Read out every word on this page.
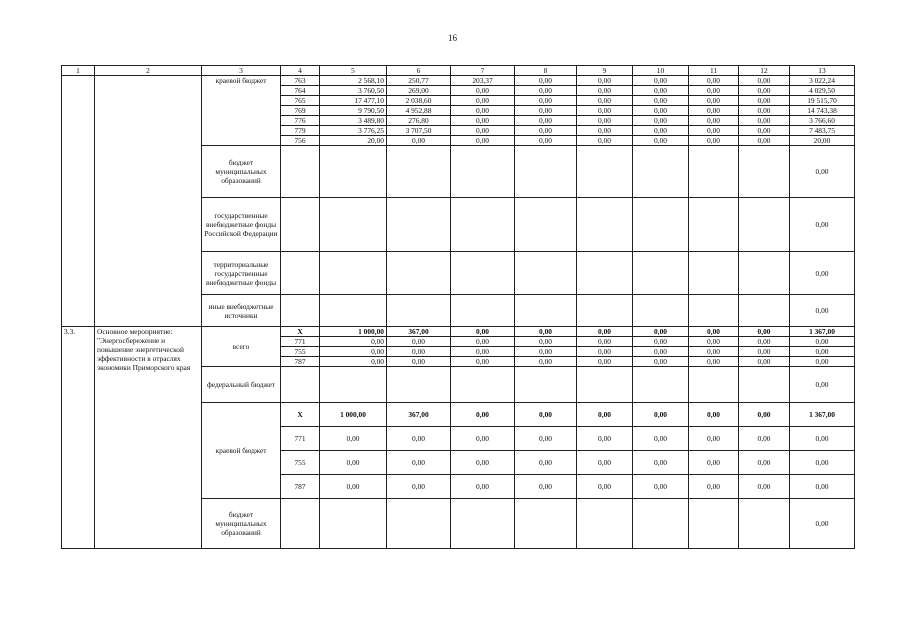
16
1	2	3	4	5	6	7	8	9	10	11	12	13
		краевой бюджет	763	2 568,10	250,77	203,37	0,00	0,00	0,00	0,00	0,00	3 022,24
			764	3 760,50	269,00	0,00	0,00	0,00	0,00	0,00	0,00	4 029,50
			765	17 477,10	2 038,60	0,00	0,00	0,00	0,00	0,00	0,00	19 515,70
			769	9 790,50	4 952,88	0,00	0,00	0,00	0,00	0,00	0,00	14 743,38
			776	3 489,80	276,80	0,00	0,00	0,00	0,00	0,00	0,00	3 766,60
			779	3 776,25	3 707,50	0,00	0,00	0,00	0,00	0,00	0,00	7 483,75
			756	20,00	0,00	0,00	0,00	0,00	0,00	0,00	0,00	20,00
		бюджет муниципальных образований										0,00
		государственные внебюджетные фонды Российской Федерации										0,00
		территориальные государственные внебюджетные фонды										0,00
		иные внебюджетные источники										0,00
3.3.	Основное мероприятие: "Энергосбережение и повышение энергетической эффективности в отраслях экономики Приморского края	всего	Х	1 000,00	367,00	0,00	0,00	0,00	0,00	0,00	0,00	1 367,00
			771	0,00	0,00	0,00	0,00	0,00	0,00	0,00	0,00	0,00
			755	0,00	0,00	0,00	0,00	0,00	0,00	0,00	0,00	0,00
			787	0,00	0,00	0,00	0,00	0,00	0,00	0,00	0,00	0,00
		федеральный бюджет										0,00
		краевой бюджет	Х	1 000,00	367,00	0,00	0,00	0,00	0,00	0,00	0,00	1 367,00
			771	0,00	0,00	0,00	0,00	0,00	0,00	0,00	0,00	0,00
			755	0,00	0,00	0,00	0,00	0,00	0,00	0,00	0,00	0,00
			787	0,00	0,00	0,00	0,00	0,00	0,00	0,00	0,00	0,00
		бюджет муниципальных образований										0,00
